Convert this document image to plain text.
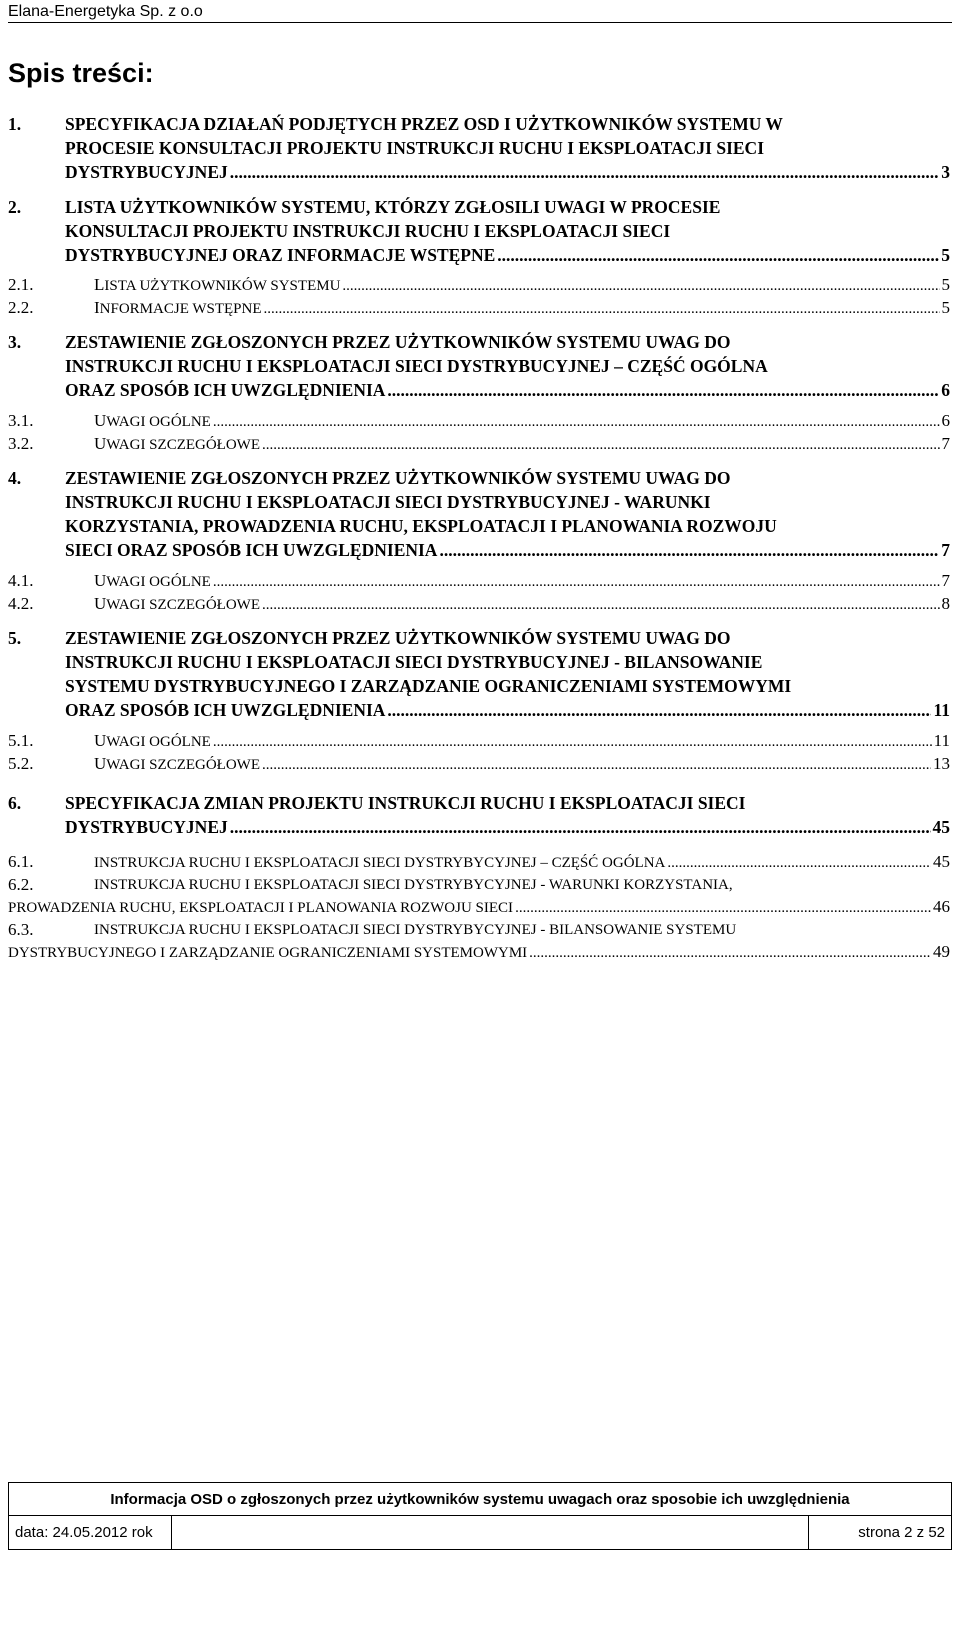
Elana-Energetyka Sp. z o.o
Spis treści:
1.	SPECYFIKACJA DZIAŁAŃ PODJĘTYCH PRZEZ OSD I UŻYTKOWNIKÓW SYSTEMU W
PROCESIE KONSULTACJI PROJEKTU INSTRUKCJI RUCHU I EKSPLOATACJI SIECI
DYSTRYBUCYJNEJ .....	3
2.	LISTA UŻYTKOWNIKÓW SYSTEMU, KTÓRZY ZGŁOSILI UWAGI W PROCESIE
KONSULTACJI PROJEKTU INSTRUKCJI RUCHU I EKSPLOATACJI SIECI
DYSTRYBUCYJNEJ ORAZ INFORMACJE WSTĘPNE .....	5
2.1.	LISTA UŻYTKOWNIKÓW SYSTEMU .....	5
2.2.	INFORMACJE WSTĘPNE .....	5
3.	ZESTAWIENIE ZGŁOSZONYCH PRZEZ UŻYTKOWNIKÓW SYSTEMU UWAG DO
INSTRUKCJI RUCHU I EKSPLOATACJI SIECI DYSTRYBUCYJNEJ – CZĘŚĆ OGÓLNA
ORAZ SPOSÓB ICH UWZGLĘDNIENIA .....	6
3.1.	UWAGI OGÓLNE .....	6
3.2.	UWAGI SZCZEGÓŁOWE .....	7
4.	ZESTAWIENIE ZGŁOSZONYCH PRZEZ UŻYTKOWNIKÓW SYSTEMU UWAG DO
INSTRUKCJI RUCHU I EKSPLOATACJI SIECI DYSTRYBUCYJNEJ - WARUNKI
KORZYSTANIA, PROWADZENIA RUCHU, EKSPLOATACJI I PLANOWANIA ROZWOJU
SIECI ORAZ SPOSÓB ICH UWZGLĘDNIENIA .....	7
4.1.	UWAGI OGÓLNE .....	7
4.2.	UWAGI SZCZEGÓŁOWE .....	8
5.	ZESTAWIENIE ZGŁOSZONYCH PRZEZ UŻYTKOWNIKÓW SYSTEMU UWAG DO
INSTRUKCJI RUCHU I EKSPLOATACJI SIECI DYSTRYBUCYJNEJ - BILANSOWANIE
SYSTEMU DYSTRYBUCYJNEGO I ZARZĄDZANIE OGRANICZENIAMI SYSTEMOWYMI
ORAZ SPOSÓB ICH UWZGLĘDNIENIA .....	11
5.1.	UWAGI OGÓLNE .....	11
5.2.	UWAGI SZCZEGÓŁOWE .....	13
6.	SPECYFIKACJA ZMIAN PROJEKTU INSTRUKCJI RUCHU I EKSPLOATACJI SIECI
DYSTRYBUCYJNEJ .....	45
6.1.	INSTRUKCJA RUCHU I EKSPLOATACJI SIECI DYSTRYBYCYJNEJ – CZĘŚĆ OGÓLNA .....	45
6.2.	INSTRUKCJA RUCHU I EKSPLOATACJI SIECI DYSTRYBYCYJNEJ - WARUNKI KORZYSTANIA,
PROWADZENIA RUCHU, EKSPLOATACJI I PLANOWANIA ROZWOJU SIECI .....	46
6.3.	INSTRUKCJA RUCHU I EKSPLOATACJI SIECI DYSTRYBYCYJNEJ - BILANSOWANIE SYSTEMU
DYSTRYBUCYJNEGO I ZARZĄDZANIE OGRANICZENIAMI SYSTEMOWYMI .....	49
Informacja OSD o zgłoszonych przez użytkowników systemu uwagach oraz sposobie ich uwzględnienia
data: 24.05.2012 rok		strona 2 z 52
